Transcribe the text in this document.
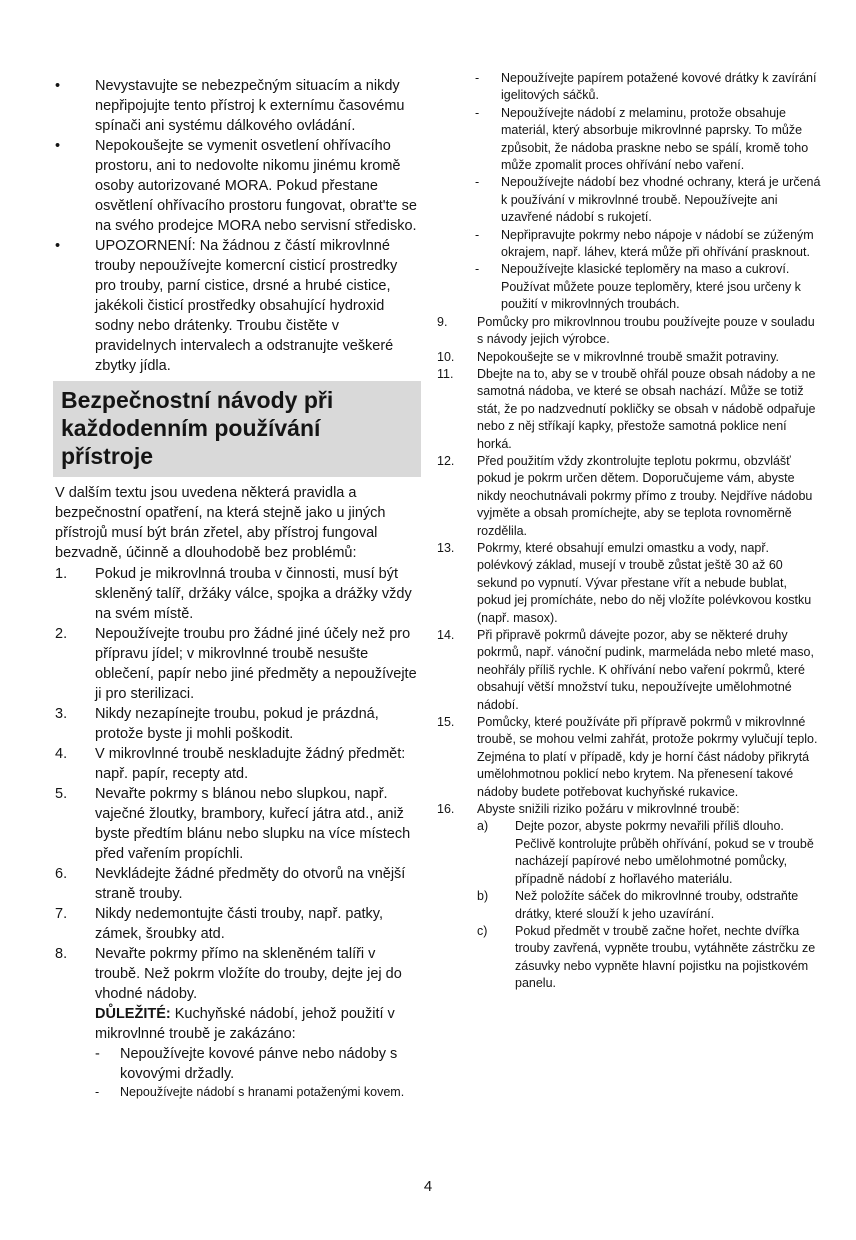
•	Nevystavujte se nebezpečným situacím a nikdy nepřipojujte tento přístroj k externímu časovému spínači ani systému dálkového ovládání.
•	Nepokoušejte se vymenit osvetlení ohřívacího prostoru, ani to nedovolte nikomu jinému kromě osoby autorizované MORA. Pokud přestane osvětlení ohřívacího prostoru fungovat, obrat'te se na svého prodejce MORA nebo servisní středisko.
•	UPOZORNENÍ: Na žádnou z částí mikrovlnné trouby nepoužívejte komercní cisticí prostredky pro trouby, parní cistice, drsné a hrubé cistice, jakékoli čisticí prostředky obsahující hydroxid sodny nebo drátenky. Troubu čistěte v pravidelnych intervalech a odstranujte veškeré zbytky jídla.
Bezpečnostní návody při každodenním používání přístroje

V dalším textu jsou uvedena některá pravidla a bezpečnostní opatření, na která stejně jako u jiných přístrojů musí být brán zřetel, aby přístroj fungoval bezvadně, účinně a dlouhodobě bez problémů:

1.	Pokud je mikrovlnná trouba v činnosti, musí být skleněný talíř, držáky válce, spojka a drážky vždy na svém místě.
2.	Nepoužívejte troubu pro žádné jiné účely než pro přípravu jídel; v mikrovlnné troubě nesušte oblečení, papír nebo jiné předměty a nepoužívejte ji pro sterilizaci.
3.	Nikdy nezapínejte troubu, pokud je prázdná, protože byste ji mohli poškodit.
4.	V mikrovlnné troubě neskladujte žádný předmět: např. papír, recepty atd.
5.	Nevařte pokrmy s blánou nebo slupkou, např. vaječné žloutky, brambory, kuřecí játra atd., aniž byste předtím blánu nebo slupku na více místech před vařením propíchli.
6.	Nevkládejte žádné předměty do otvorů na vnější straně trouby.
7.	Nikdy nedemontujte části trouby, např. patky, zámek, šroubky atd.
8.	Nevařte pokrmy přímo na skleněném talíři v troubě. Než pokrm vložíte do trouby, dejte jej do vhodné nádoby.
DŮLEŽITÉ: Kuchyňské nádobí, jehož použití v mikrovlnné troubě je zakázáno:
-	Nepoužívejte kovové pánve nebo nádoby s kovovými držadly.
-	Nepoužívejte nádobí s hranami potaženými kovem.
-	Nepoužívejte papírem potažené kovové drátky k zavírání igelitových sáčků.
-	Nepoužívejte nádobí z melaminu, protože obsahuje materiál, který absorbuje mikrovlnné paprsky. To může způsobit, že nádoba praskne nebo se spálí, kromě toho může zpomalit proces ohřívání nebo vaření.
-	Nepoužívejte nádobí bez vhodné ochrany, která je určená k používání v mikrovlnné troubě. Nepoužívejte ani uzavřené nádobí s rukojetí.
-	Nepřipravujte pokrmy nebo nápoje v nádobí se zúženým okrajem, např. láhev, která může při ohřívání prasknout.
-	Nepoužívejte klasické teploměry na maso a cukroví. Používat můžete pouze teploměry, které jsou určeny k použití v mikrovlnných troubách.
9.	Pomůcky pro mikrovlnnou troubu používejte pouze v souladu s návody jejich výrobce.
10.	Nepokoušejte se v mikrovlnné troubě smažit potraviny.
11.	Dbejte na to, aby se v troubě ohřál pouze obsah nádoby a ne samotná nádoba, ve které se obsah nachází. Může se totiž stát, že po nadzvednutí pokličky se obsah v nádobě odpařuje nebo z něj stříkají kapky, přestože samotná poklice není horká.
12.	Před použitím vždy zkontrolujte teplotu pokrmu, obzvlášť pokud je pokrm určen dětem. Doporučujeme vám, abyste nikdy neochutnávali pokrmy přímo z trouby. Nejdříve nádobu vyjměte a obsah promíchejte, aby se teplota rovnoměrně rozdělila.
13.	Pokrmy, které obsahují emulzi omastku a vody, např. polévkový základ, musejí v troubě zůstat ještě 30 až 60 sekund po vypnutí. Vývar přestane vřít a nebude bublat, pokud jej promícháte, nebo do něj vložíte polévkovou kostku (např. masox).
14.	Při připravě pokrmů dávejte pozor, aby se některé druhy pokrmů, např. vánoční pudink, marmeláda nebo mleté maso, neohřály příliš rychle. K ohřívání nebo vaření pokrmů, které obsahují větší množství tuku, nepoužívejte umělohmotné nádobí.
15.	Pomůcky, které používáte při přípravě pokrmů v mikrovlnné troubě, se mohou velmi zahřát, protože pokrmy vylučují teplo. Zejména to platí v případě, kdy je horní část nádoby přikrytá umělohmotnou poklicí nebo krytem. Na přenesení takové nádoby budete potřebovat kuchyňské rukavice.
16.	Abyste snižili riziko požáru v mikrovlnné troubě:
a)	Dejte pozor, abyste pokrmy nevařili příliš dlouho. Pečlivě kontrolujte průběh ohřívání, pokud se v troubě nacházejí papírové nebo umělohmotné pomůcky, případně nádobí z hořlavého materiálu.
b)	Než položíte sáček do mikrovlnné trouby, odstraňte drátky, které slouží k jeho uzavírání.
c)	Pokud předmět v troubě začne hořet, nechte dvířka trouby zavřená, vypněte troubu, vytáhněte zástrčku ze zásuvky nebo vypněte hlavní pojistku na pojistkovém panelu.
4
